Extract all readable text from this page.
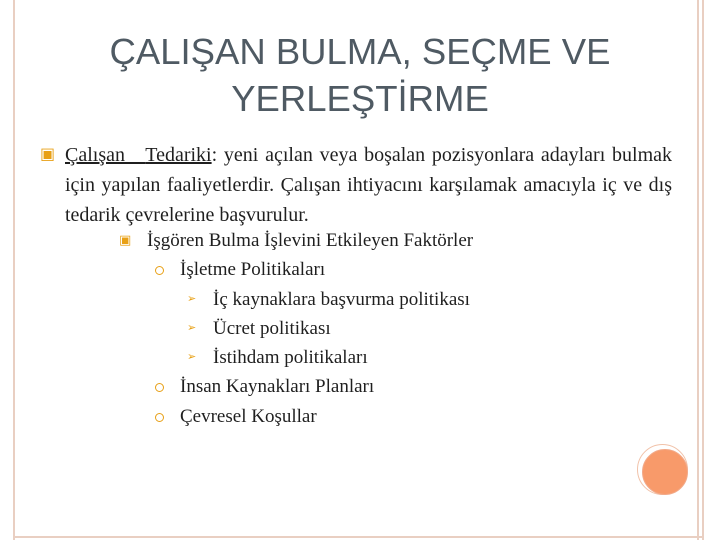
ÇALIŞAN BULMA, SEÇME VE
YERLEŞTİRME
▣ Çalışan Tedariki: yeni açılan veya boşalan pozisyonlara adayları bulmak için yapılan faaliyetlerdir. Çalışan ihtiyacını karşılamak amacıyla iç ve dış tedarik çevrelerine başvurulur.
▣ İşgören Bulma İşlevini Etkileyen Faktörler
İşletme Politikaları
➢ İç kaynaklara başvurma politikası
➢ Ücret politikası
➢ İstihdam politikaları
İnsan Kaynakları Planları
Çevresel Koşullar
